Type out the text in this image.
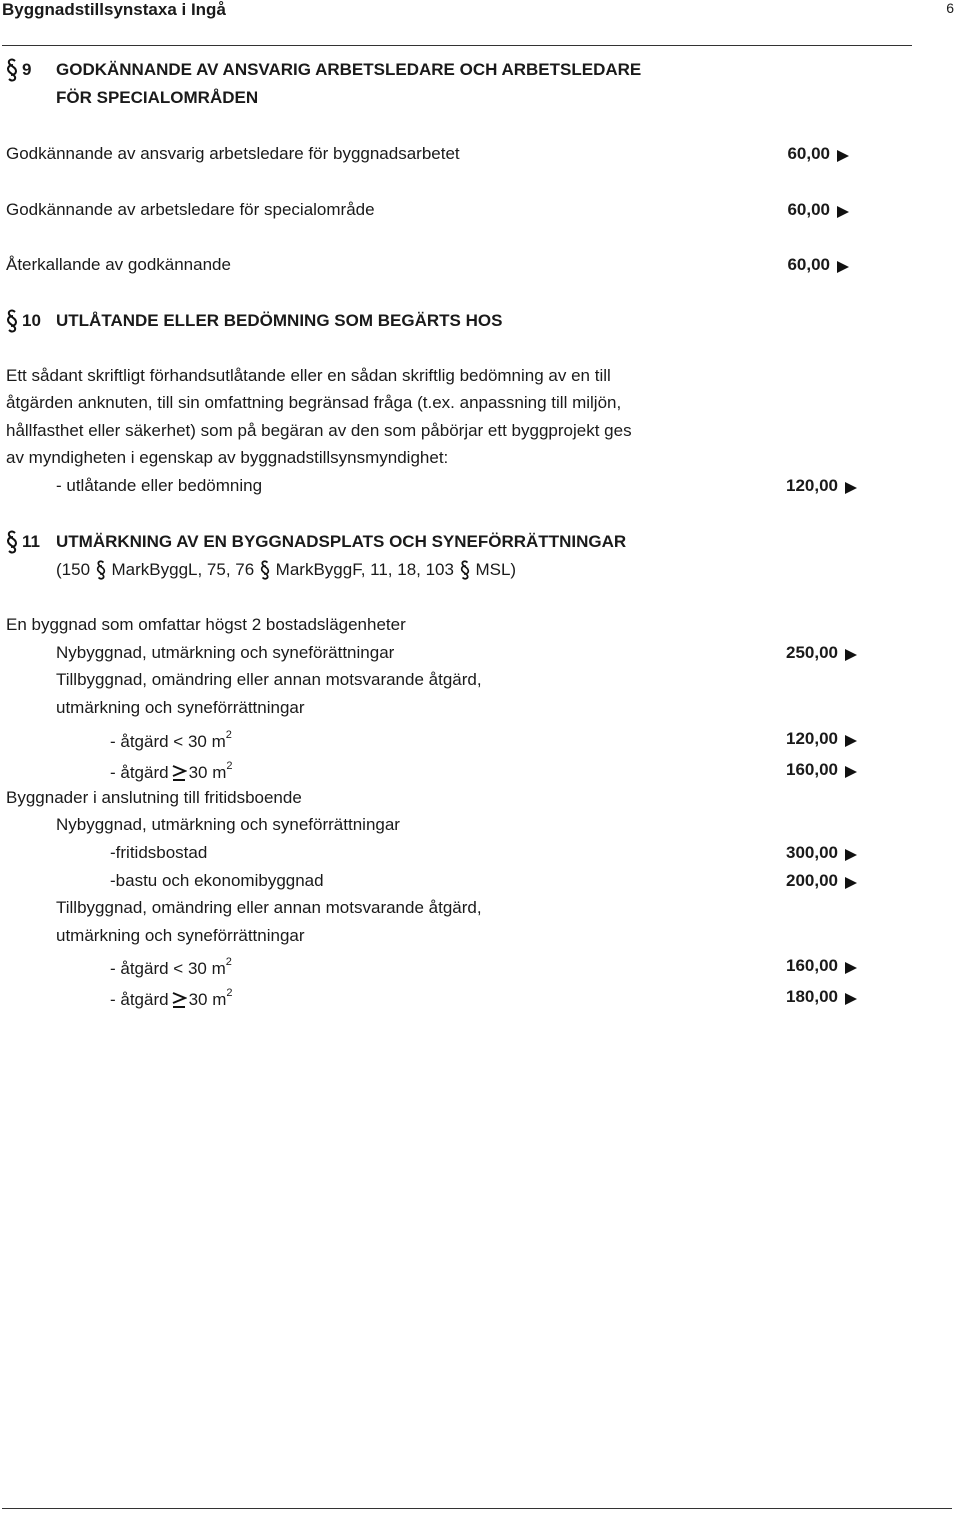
Byggnadstillsynstaxa i Ingå	6
9 GODKÄNNANDE AV ANSVARIG ARBETSLEDARE OCH ARBETSLEDARE
FÖR SPECIALOMRÅDEN
Godkännande av ansvarig arbetsledare för byggnadsarbetet	60,00
Godkännande av arbetsledare för specialområde	60,00
Återkallande av godkännande	60,00
10 UTLÅTANDE ELLER BEDÖMNING SOM BEGÄRTS HOS
Ett sådant skriftligt förhandsutlåtande eller en sådan skriftlig bedömning av en till
åtgärden anknuten, till sin omfattning begränsad fråga (t.ex. anpassning till miljön,
hållfasthet eller säkerhet) som på begäran av den som påbörjar ett byggprojekt ges
av myndigheten i egenskap av byggnadstillsynsmyndighet:
- utlåtande eller bedömning	120,00
11 UTMÄRKNING AV EN BYGGNADSPLATS OCH SYNEFÖRRÄTTNINGAR
(150 MarkByggL, 75, 76 MarkByggF, 11, 18, 103 MSL)
En byggnad som omfattar högst 2 bostadslägenheter
Nybyggnad, utmärkning och syneförättningar	250,00
Tillbyggnad, omändring eller annan motsvarande åtgärd,
utmärkning och syneförrättningar
- åtgärd < 30 $m^2$	120,00
- åtgärd 30 $m^2$	160,00
Byggnader i anslutning till fritidsboende
Nybyggnad, utmärkning och syneförrättningar
-fritidsbostad	300,00
-bastu och ekonomibyggnad	200,00
Tillbyggnad, omändring eller annan motsvarande åtgärd,
utmärkning och syneförrättningar
- åtgärd < 30 $m^2$	160,00
- åtgärd 30 $m^2$	180,00
